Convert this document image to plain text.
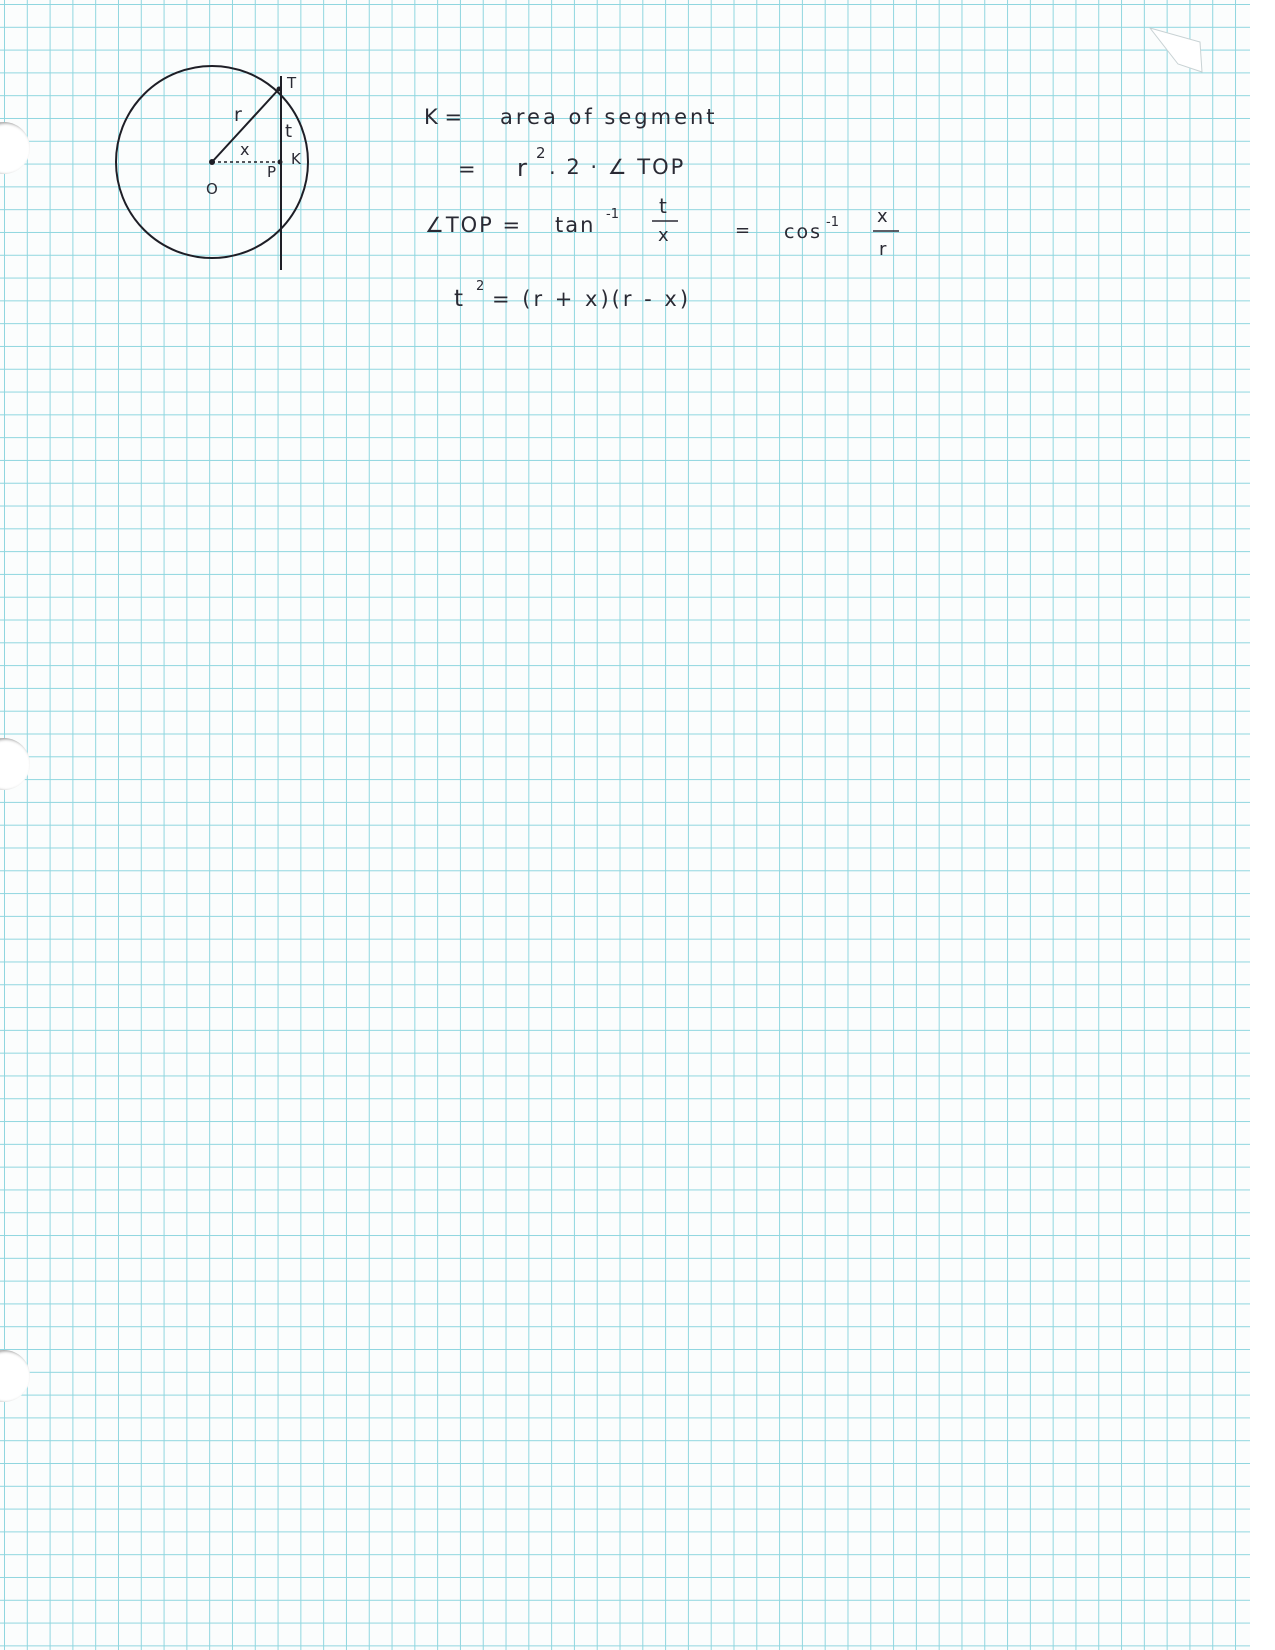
T
r
t
x
P
K
O
K = area of segment
= r
2
. 2 · ∠ TOP
∠TOP = tan -1 t
x	= cos -1 x
r
t 2
= (r + x)(r - x)
